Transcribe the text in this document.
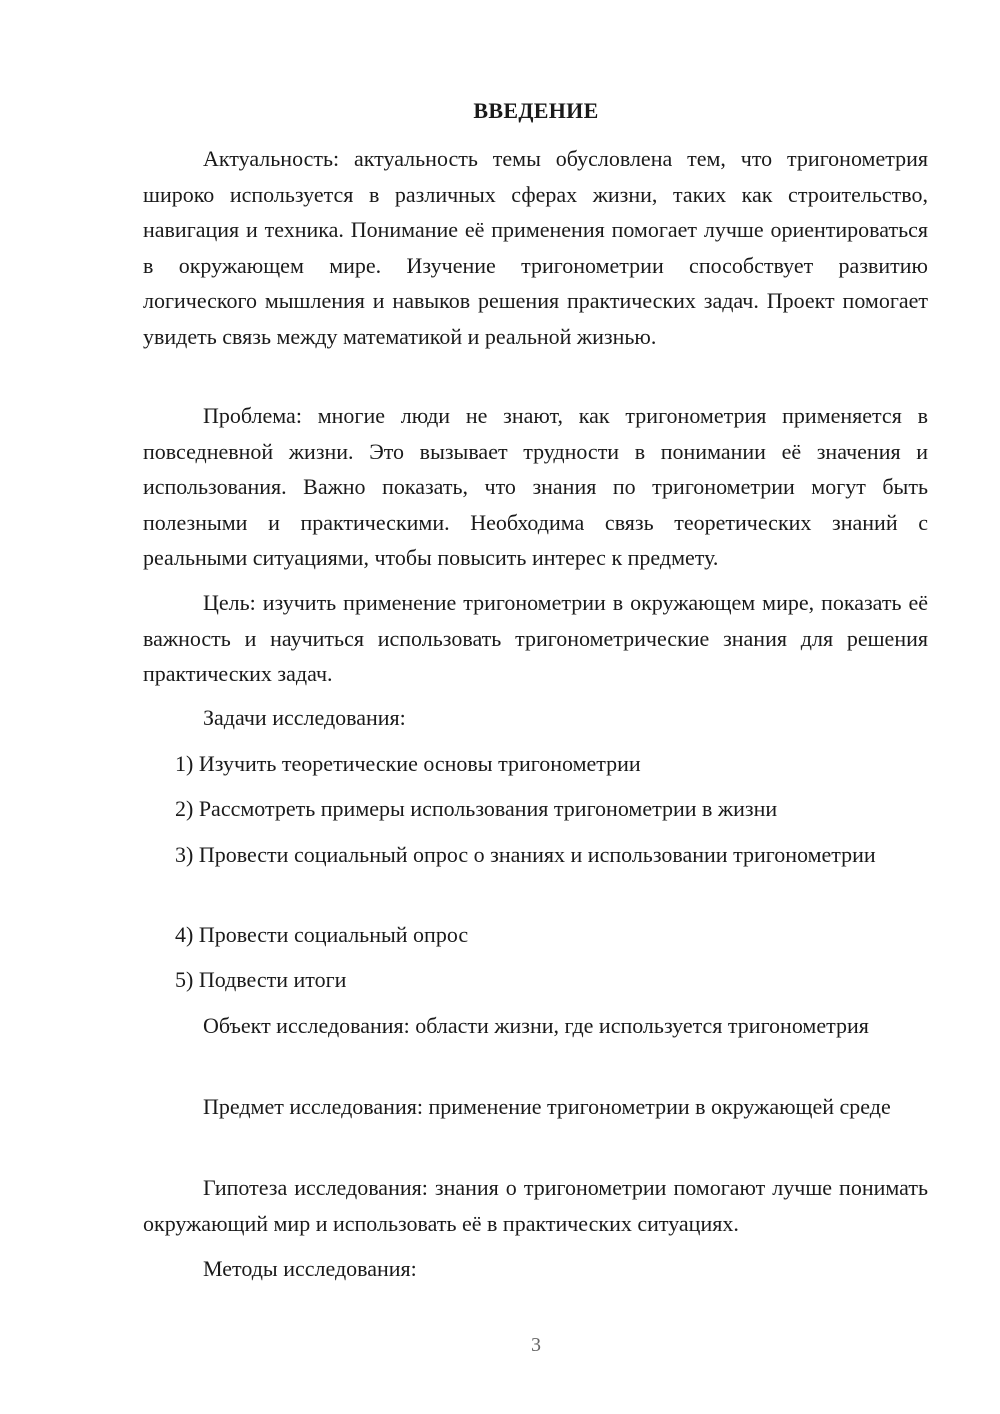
ВВЕДЕНИЕ
Актуальность: актуальность темы обусловлена тем, что тригонометрия широко используется в различных сферах жизни, таких как строительство, навигация и техника. Понимание её применения помогает лучше ориентироваться в окружающем мире. Изучение тригонометрии способствует развитию логического мышления и навыков решения практических задач. Проект помогает увидеть связь между математикой и реальной жизнью.
Проблема: многие люди не знают, как тригонометрия применяется в повседневной жизни. Это вызывает трудности в понимании её значения и использования. Важно показать, что знания по тригонометрии могут быть полезными и практическими. Необходима связь теоретических знаний с реальными ситуациями, чтобы повысить интерес к предмету.
Цель: изучить применение тригонометрии в окружающем мире, показать её важность и научиться использовать тригонометрические знания для решения практических задач.
Задачи исследования:
1) Изучить теоретические основы тригонометрии
2) Рассмотреть примеры использования тригонометрии в жизни
3) Провести социальный опрос о знаниях и использовании тригонометрии
4) Провести социальный опрос
5) Подвести итоги
Объект исследования: области жизни, где используется тригонометрия
Предмет исследования: применение тригонометрии в окружающей среде
Гипотеза исследования: знания о тригонометрии помогают лучше понимать окружающий мир и использовать её в практических ситуациях.
Методы исследования:
3
